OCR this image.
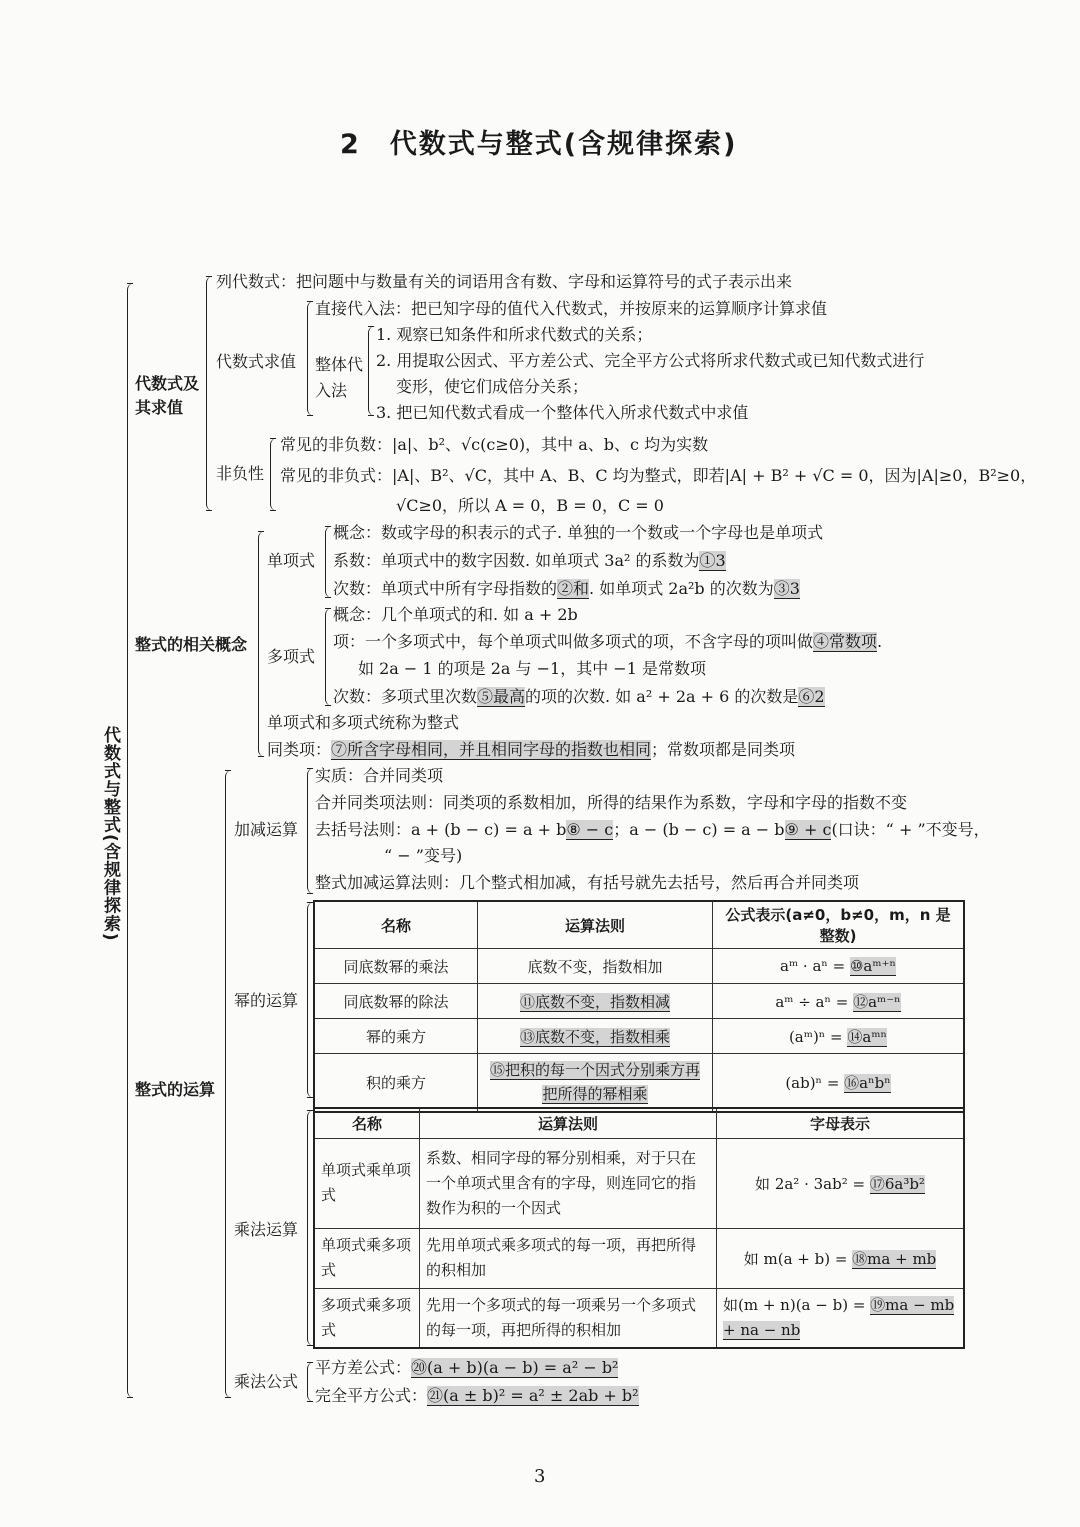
2　代数式与整式(含规律探索)
代数式与整式(含规律探索)
代数式及其求值
列代数式：把问题中与数量有关的词语用含有数、字母和运算符号的式子表示出来
代数式求值
直接代入法：把已知字母的值代入代数式，并按原来的运算顺序计算求值
整体代入法
1. 观察已知条件和所求代数式的关系；
2. 用提取公因式、平方差公式、完全平方公式将所求代数式或已知代数式进行
变形，使它们成倍分关系；
3. 把已知代数式看成一个整体代入所求代数式中求值
非负性
常见的非负数：|a|、b²、√c(c≥0)，其中 a、b、c 均为实数
常见的非负式：|A|、B²、√C，其中 A、B、C 均为整式，即若|A| + B² + √C = 0，因为|A|≥0，B²≥0，
√C≥0，所以 A = 0，B = 0，C = 0
整式的相关概念
单项式
概念：数或字母的积表示的式子. 单独的一个数或一个字母也是单项式
系数：单项式中的数字因数. 如单项式 3a² 的系数为①3
次数：单项式中所有字母指数的②和. 如单项式 2a²b 的次数为③3
多项式
概念：几个单项式的和. 如 a + 2b
项：一个多项式中，每个单项式叫做多项式的项，不含字母的项叫做④常数项.
如 2a − 1 的项是 2a 与 −1，其中 −1 是常数项
次数：多项式里次数⑤最高的项的次数. 如 a² + 2a + 6 的次数是⑥2
单项式和多项式统称为整式
同类项：⑦所含字母相同，并且相同字母的指数也相同；常数项都是同类项
整式的运算
加减运算
实质：合并同类项
合并同类项法则：同类项的系数相加，所得的结果作为系数，字母和字母的指数不变
去括号法则：a + (b − c) = a + b⑧ − c；a − (b − c) = a − b⑨ + c(口诀：“ + ”不变号，
“ − ”变号)
整式加减运算法则：几个整式相加减，有括号就先去括号，然后再合并同类项
幂的运算
名称	运算法则	公式表示(a≠0，b≠0，m，n 是整数)
同底数幂的乘法	底数不变，指数相加	aᵐ · aⁿ = ⑩aᵐ⁺ⁿ
同底数幂的除法	⑪底数不变，指数相减	aᵐ ÷ aⁿ = ⑫aᵐ⁻ⁿ
幂的乘方	⑬底数不变，指数相乘	(aᵐ)ⁿ = ⑭aᵐⁿ
积的乘方	⑮把积的每一个因式分别乘方再把所得的幂相乘	(ab)ⁿ = ⑯aⁿbⁿ
乘法运算
名称	运算法则	字母表示
单项式乘单项式	系数、相同字母的幂分别相乘，对于只在一个单项式里含有的字母，则连同它的指数作为积的一个因式	如 2a² · 3ab² = ⑰6a³b²
单项式乘多项式	先用单项式乘多项式的每一项，再把所得的积相加	如 m(a + b) = ⑱ma + mb
多项式乘多项式	先用一个多项式的每一项乘另一个多项式的每一项，再把所得的积相加	如(m + n)(a − b) = ⑲ma − mb + na − nb
乘法公式
平方差公式：⑳(a + b)(a − b) = a² − b²
完全平方公式：㉑(a ± b)² = a² ± 2ab + b²
3
